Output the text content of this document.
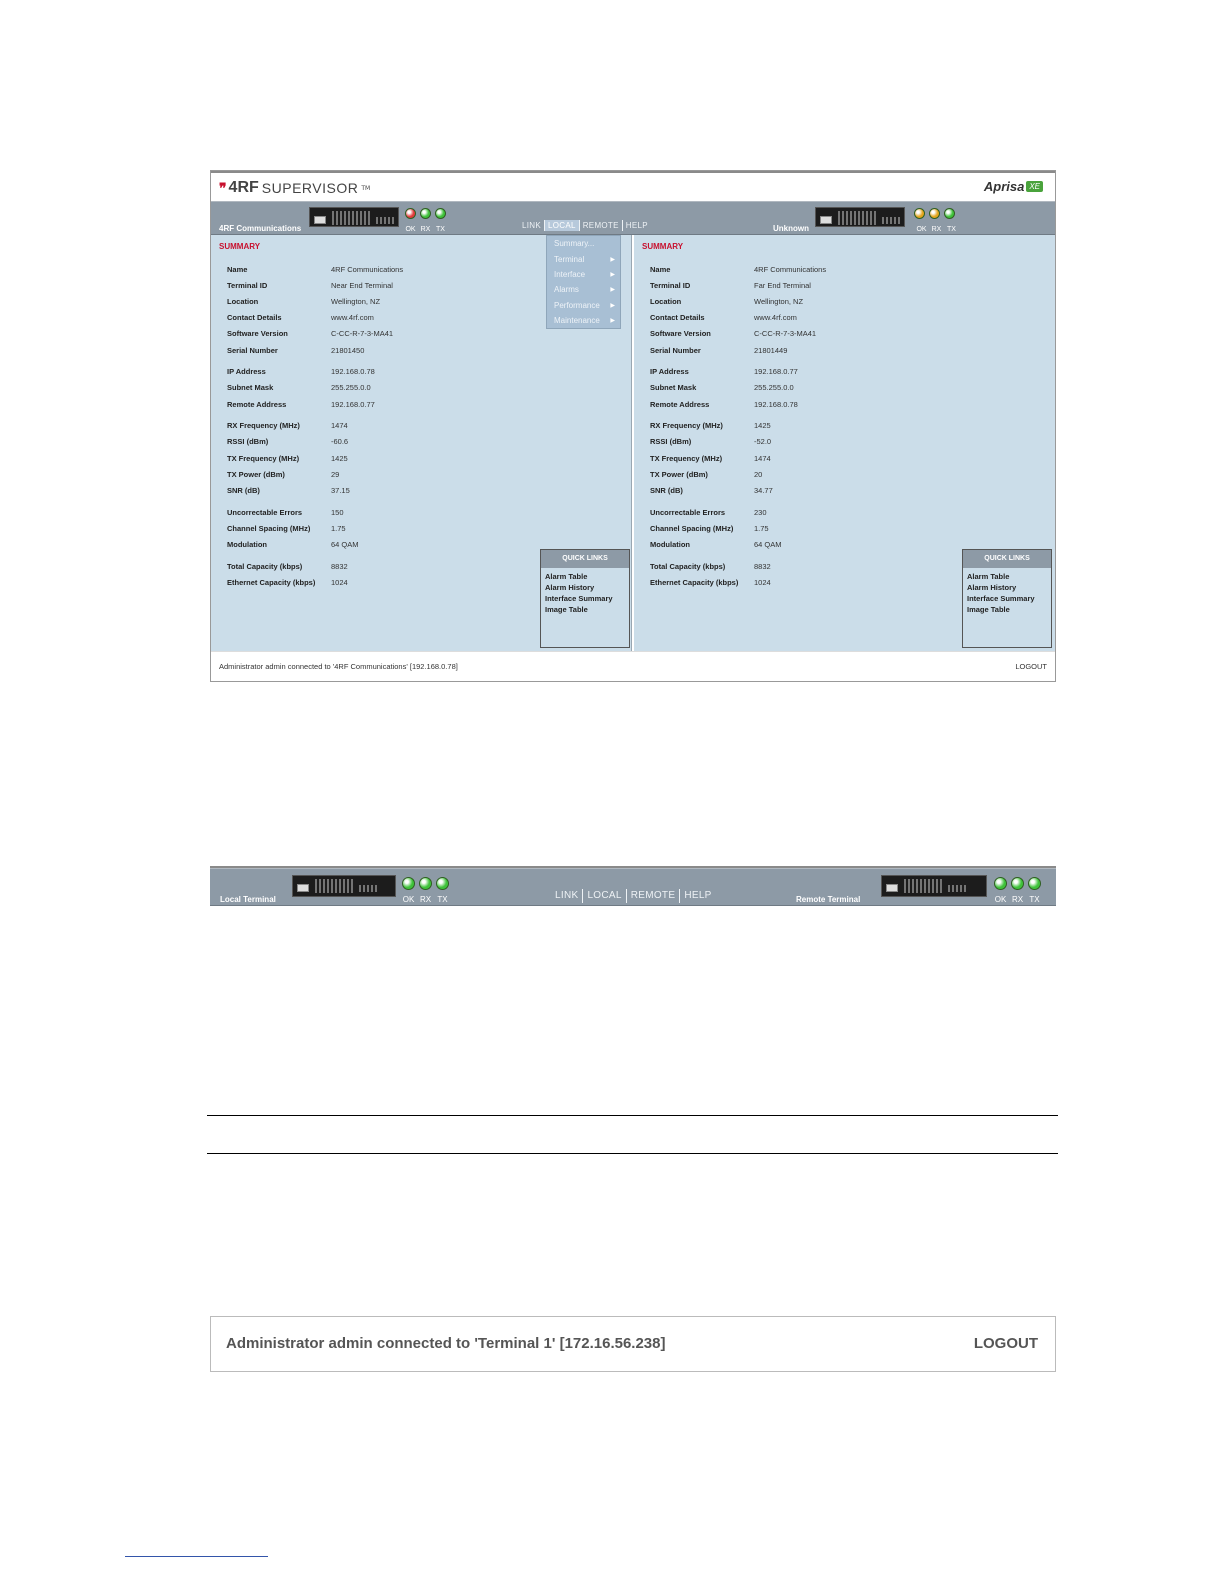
❞ 4RF SUPERVISOR TM	Aprisa XE
4RF Communications	OK RX TX	LINK LOCAL REMOTE HELP	Unknown	OK RX TX
SUMMARY
Name	4RF Communications
Terminal ID	Near End Terminal
Location	Wellington, NZ
Contact Details	www.4rf.com
Software Version	C-CC-R-7-3-MA41
Serial Number	21801450
IP Address	192.168.0.78
Subnet Mask	255.255.0.0
Remote Address	192.168.0.77
RX Frequency (MHz)	1474
RSSI (dBm)	-60.6
TX Frequency (MHz)	1425
TX Power (dBm)	29
SNR (dB)	37.15
Uncorrectable Errors	150
Channel Spacing (MHz)	1.75
Modulation	64 QAM
Total Capacity (kbps)	8832
Ethernet Capacity (kbps)	1024
QUICK LINKS
Alarm Table
Alarm History
Interface Summary
Image Table
SUMMARY
Name	4RF Communications
Terminal ID	Far End Terminal
Location	Wellington, NZ
Contact Details	www.4rf.com
Software Version	C-CC-R-7-3-MA41
Serial Number	21801449
IP Address	192.168.0.77
Subnet Mask	255.255.0.0
Remote Address	192.168.0.78
RX Frequency (MHz)	1425
RSSI (dBm)	-52.0
TX Frequency (MHz)	1474
TX Power (dBm)	20
SNR (dB)	34.77
Uncorrectable Errors	230
Channel Spacing (MHz)	1.75
Modulation	64 QAM
Total Capacity (kbps)	8832
Ethernet Capacity (kbps)	1024
QUICK LINKS
Alarm Table
Alarm History
Interface Summary
Image Table
Summary...
Terminal	▶
Interface	▶
Alarms	▶
Performance ▶
Maintenance ▶
Administrator admin connected to '4RF Communications' [192.168.0.78]	LOGOUT
Local Terminal	OK RX TX	LINK LOCAL REMOTE HELP	Remote Terminal	OK RX TX
Administrator admin connected to 'Terminal 1' [172.16.56.238]	LOGOUT
